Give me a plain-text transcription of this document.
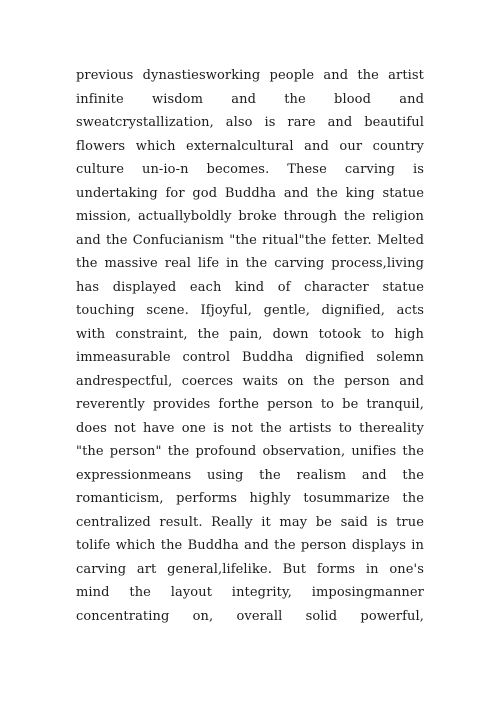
previous dynastiesworking people and the artist
infinite wisdom and the blood and
sweatcrystallization, also is rare and beautiful
flowers which externalcultural and our country
culture un-io-n becomes. These carving is
undertaking for god Buddha and the king statue
mission, actuallyboldly broke through the religion
and the Confucianism "the ritual"the fetter. Melted
the massive real life in the carving process,living
has displayed each kind of character statue
touching scene. Ifjoyful, gentle, dignified, acts
with constraint, the pain, down totook to high
immeasurable control Buddha dignified solemn
andrespectful, coerces waits on the person and
reverently provides forthe person to be tranquil,
does not have one is not the artists to thereality
"the person" the profound observation, unifies the
expressionmeans using the realism and the
romanticism, performs highly tosummarize the
centralized result. Really it may be said is true
tolife which the Buddha and the person displays in
carving art general,lifelike. But forms in one's
mind the layout integrity, imposingmanner
concentrating on, overall solid powerful,
